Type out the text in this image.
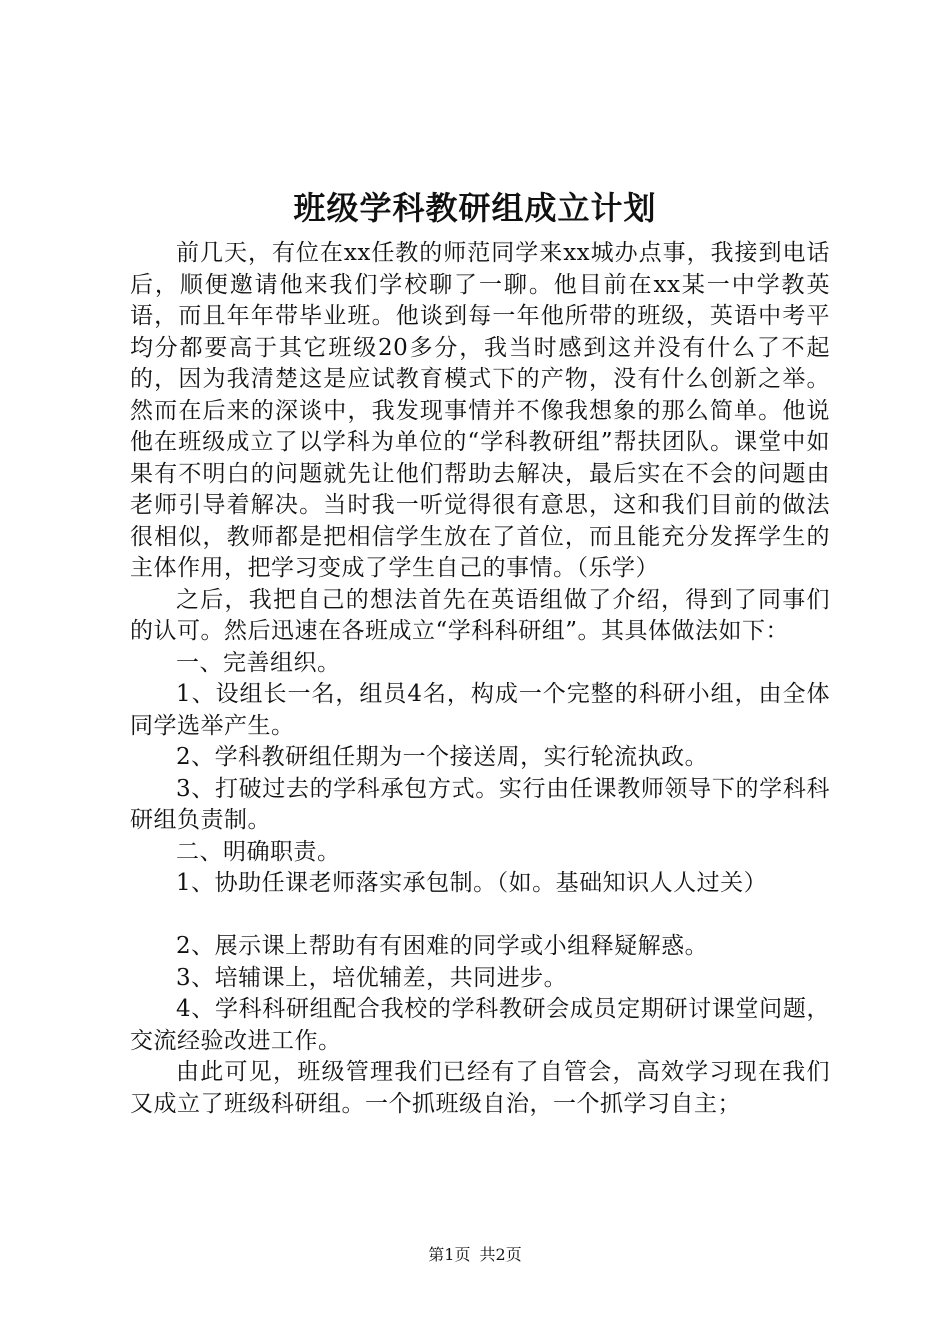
班级学科教研组成立计划

前几天，有位在xx任教的师范同学来xx城办点事，我接到电话后，顺便邀请他来我们学校聊了一聊。他目前在xx某一中学教英语，而且年年带毕业班。他谈到每一年他所带的班级，英语中考平均分都要高于其它班级20多分，我当时感到这并没有什么了不起的，因为我清楚这是应试教育模式下的产物，没有什么创新之举。然而在后来的深谈中，我发现事情并不像我想象的那么简单。他说他在班级成立了以学科为单位的“学科教研组”帮扶团队。课堂中如果有不明白的问题就先让他们帮助去解决，最后实在不会的问题由老师引导着解决。当时我一听觉得很有意思，这和我们目前的做法很相似，教师都是把相信学生放在了首位，而且能充分发挥学生的主体作用，把学习变成了学生自己的事情。（乐学）

之后，我把自己的想法首先在英语组做了介绍，得到了同事们的认可。然后迅速在各班成立“学科科研组”。其具体做法如下：

一、完善组织。

1、设组长一名，组员4名，构成一个完整的科研小组，由全体同学选举产生。

2、学科教研组任期为一个接送周，实行轮流执政。

3、打破过去的学科承包方式。实行由任课教师领导下的学科科研组负责制。

二、明确职责。

1、协助任课老师落实承包制。（如。基础知识人人过关）

2、展示课上帮助有有困难的同学或小组释疑解惑。

3、培辅课上，培优辅差，共同进步。

4、学科科研组配合我校的学科教研会成员定期研讨课堂问题，交流经验改进工作。

由此可见，班级管理我们已经有了自管会，高效学习现在我们又成立了班级科研组。一个抓班级自治，一个抓学习自主；

第1页 共2页
